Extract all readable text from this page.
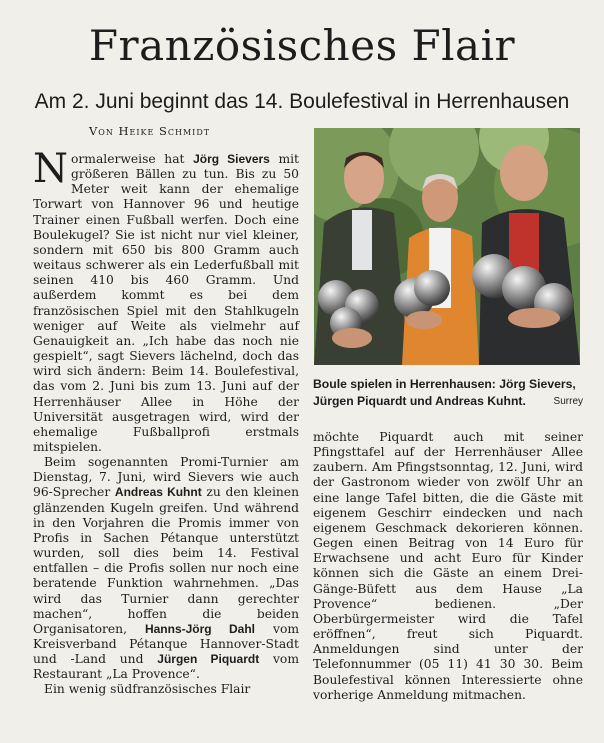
Französisches Flair
Am 2. Juni beginnt das 14. Boulefestival in Herrenhausen
Von Heike Schmidt

Normalerweise hat Jörg Sievers mit größeren Bällen zu tun. Bis zu 50 Meter weit kann der ehemalige Torwart von Hannover 96 und heutige Trainer einen Fußball werfen. Doch eine Boulekugel? Sie ist nicht nur viel kleiner, sondern mit 650 bis 800 Gramm auch weitaus schwerer als ein Lederfußball mit seinen 410 bis 460 Gramm. Und außerdem kommt es bei dem französischen Spiel mit den Stahlkugeln weniger auf Weite als vielmehr auf Genauigkeit an. „Ich habe das noch nie gespielt“, sagt Sievers lächelnd, doch das wird sich ändern: Beim 14. Boulefestival, das vom 2. Juni bis zum 13. Juni auf der Herrenhäuser Allee in Höhe der Universität ausgetragen wird, wird der ehemalige Fußballprofi erstmals mitspielen.

Beim sogenannten Promi-Turnier am Dienstag, 7. Juni, wird Sievers wie auch 96-Sprecher Andreas Kuhnt zu den kleinen glänzenden Kugeln greifen. Und während in den Vorjahren die Promis immer von Profis in Sachen Pétanque unterstützt wurden, soll dies beim 14. Festival entfallen – die Profis sollen nur noch eine beratende Funktion wahrnehmen. „Das wird das Turnier dann gerechter machen“, hoffen die beiden Organisatoren, Hanns-Jörg Dahl vom Kreisverband Pétanque Hannover-Stadt und -Land und Jürgen Piquardt vom Restaurant „La Provence“.

Ein wenig südfranzösisches Flair

Boule spielen in Herrenhausen: Jörg Sievers, Jürgen Piquardt und Andreas Kuhnt.	Surrey

möchte Piquardt auch mit seiner Pfingsttafel auf der Herrenhäuser Allee zaubern. Am Pfingstsonntag, 12. Juni, wird der Gastronom wieder von zwölf Uhr an eine lange Tafel bitten, die die Gäste mit eigenem Geschirr eindecken und nach eigenem Geschmack dekorieren können. Gegen einen Beitrag von 14 Euro für Erwachsene und acht Euro für Kinder können sich die Gäste an einem Drei-Gänge-Büfett aus dem Hause „La Provence“ bedienen. „Der Oberbürgermeister wird die Tafel eröffnen“, freut sich Piquardt. Anmeldungen sind unter der Telefonnummer (05 11) 41 30 30. Beim Boulefestival können Interessierte ohne vorherige Anmeldung mitmachen.
